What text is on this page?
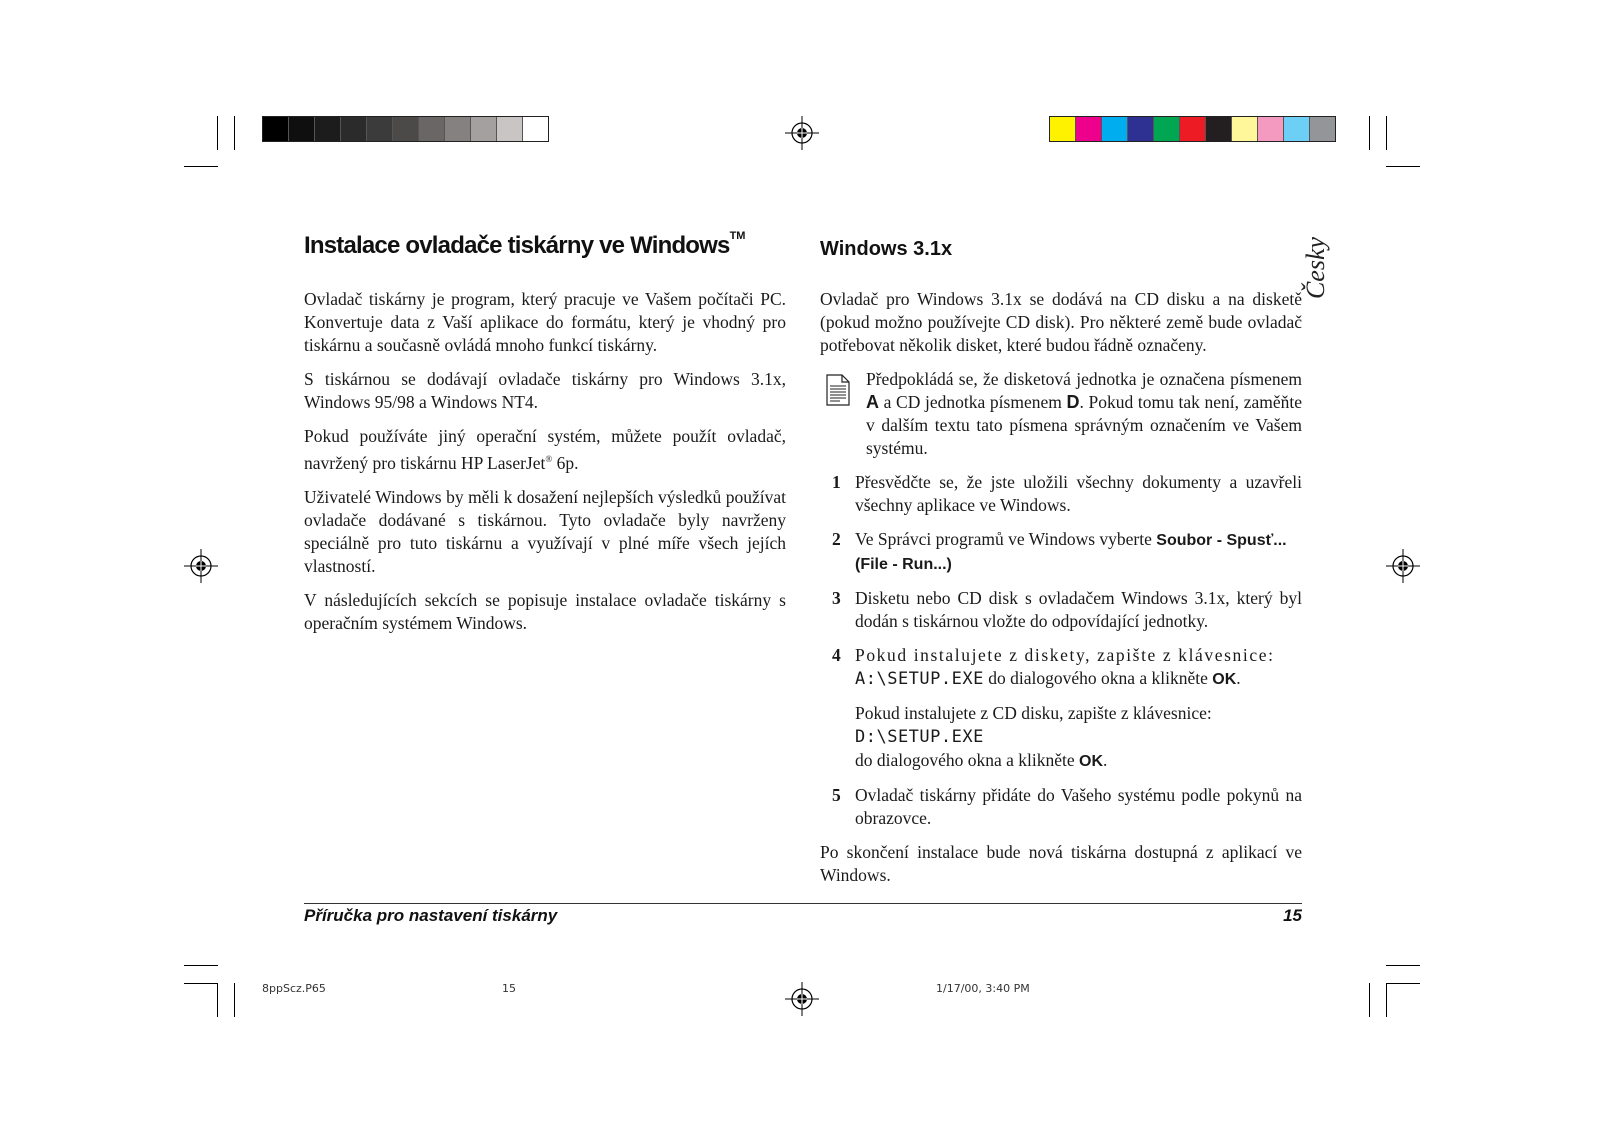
Instalace ovladače tiskárny ve Windows™
Windows 3.1x	Česky

Ovladač tiskárny je program, který pracuje ve Vašem počítači PC. Konvertuje data z Vaší aplikace do formátu, který je vhodný pro tiskárnu a současně ovládá mnoho funkcí tiskárny.

S tiskárnou se dodávají ovladače tiskárny pro Windows 3.1x, Windows 95/98 a Windows NT4.

Pokud používáte jiný operační systém, můžete použít ovladač, navržený pro tiskárnu HP LaserJet® 6p.

Uživatelé Windows by měli k dosažení nejlepších výsledků používat ovladače dodávané s tiskárnou. Tyto ovladače byly navrženy speciálně pro tuto tiskárnu a využívají v plné míře všech jejích vlastností.

V následujících sekcích se popisuje instalace ovladače tiskárny s operačním systémem Windows.

Ovladač pro Windows 3.1x se dodává na CD disku a na disketě (pokud možno používejte CD disk). Pro některé země bude ovladač potřebovat několik disket, které budou řádně označeny.

Předpokládá se, že disketová jednotka je označena písmenem A a CD jednotka písmenem D. Pokud tomu tak není, zaměňte v dalším textu tato písmena správným označením ve Vašem systému.

1 Přesvědčte se, že jste uložili všechny dokumenty a uzavřeli všechny aplikace ve Windows.

2 Ve Správci programů ve Windows vyberte Soubor - Spusť... (File - Run...)

3 Disketu nebo CD disk s ovladačem Windows 3.1x, který byl dodán s tiskárnou vložte do odpovídající jednotky.

4 Pokud instalujete z diskety, zapište z klávesnice:
A:\SETUP.EXE do dialogového okna a klikněte OK.

Pokud instalujete z CD disku, zapište z klávesnice:
D:\SETUP.EXE
do dialogového okna a klikněte OK.

5 Ovladač tiskárny přidáte do Vašeho systému podle pokynů na obrazovce.

Po skončení instalace bude nová tiskárna dostupná z aplikací ve Windows.

Příručka pro nastavení tiskárny	15
8ppScz.P65	15	1/17/00, 3:40 PM
